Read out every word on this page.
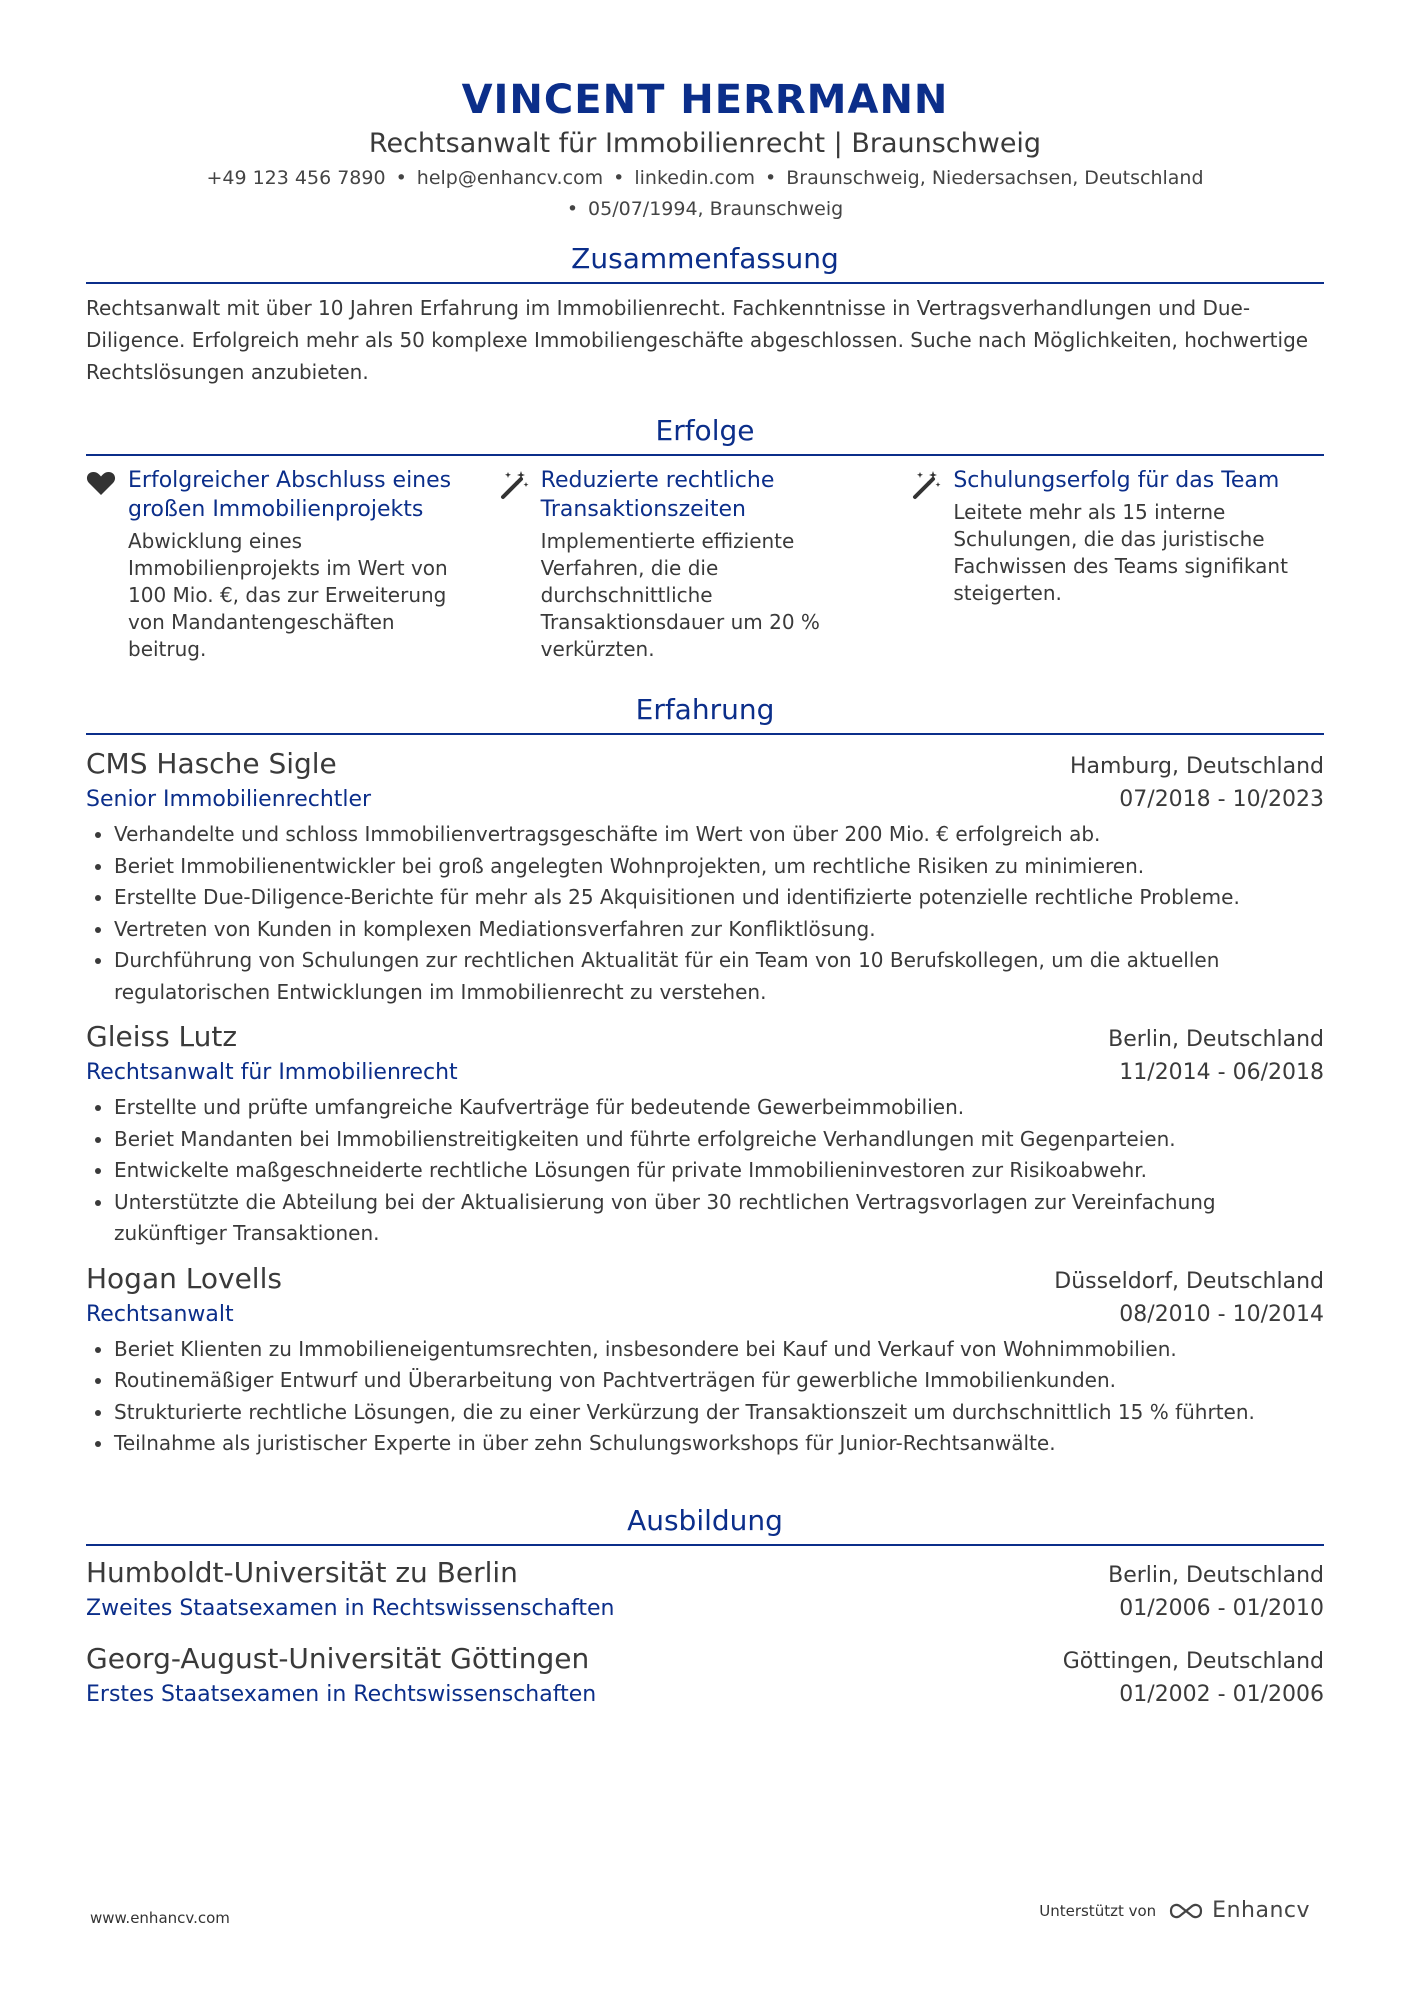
VINCENT HERRMANN
Rechtsanwalt für Immobilienrecht | Braunschweig
+49 123 456 7890 • help@enhancv.com • linkedin.com • Braunschweig, Niedersachsen, Deutschland
• 05/07/1994, Braunschweig
Zusammenfassung
Rechtsanwalt mit über 10 Jahren Erfahrung im Immobilienrecht. Fachkenntnisse in Vertragsverhandlungen und Due-Diligence. Erfolgreich mehr als 50 komplexe Immobiliengeschäfte abgeschlossen. Suche nach Möglichkeiten, hochwertige Rechtslösungen anzubieten.
Erfolge
Erfolgreicher Abschluss eines großen Immobilienprojekts
Abwicklung eines Immobilienprojekts im Wert von 100 Mio. €, das zur Erweiterung von Mandantengeschäften beitrug.
Reduzierte rechtliche Transaktionszeiten
Implementierte effiziente Verfahren, die die durchschnittliche Transaktionsdauer um 20 % verkürzten.
Schulungserfolg für das Team
Leitete mehr als 15 interne Schulungen, die das juristische Fachwissen des Teams signifikant steigerten.
Erfahrung
CMS Hasche Sigle	Hamburg, Deutschland
Senior Immobilienrechtler	07/2018 - 10/2023
• Verhandelte und schloss Immobilienvertragsgeschäfte im Wert von über 200 Mio. € erfolgreich ab.
• Beriet Immobilienentwickler bei groß angelegten Wohnprojekten, um rechtliche Risiken zu minimieren.
• Erstellte Due-Diligence-Berichte für mehr als 25 Akquisitionen und identifizierte potenzielle rechtliche Probleme.
• Vertreten von Kunden in komplexen Mediationsverfahren zur Konfliktlösung.
• Durchführung von Schulungen zur rechtlichen Aktualität für ein Team von 10 Berufskollegen, um die aktuellen regulatorischen Entwicklungen im Immobilienrecht zu verstehen.
Gleiss Lutz	Berlin, Deutschland
Rechtsanwalt für Immobilienrecht	11/2014 - 06/2018
• Erstellte und prüfte umfangreiche Kaufverträge für bedeutende Gewerbeimmobilien.
• Beriet Mandanten bei Immobilienstreitigkeiten und führte erfolgreiche Verhandlungen mit Gegenparteien.
• Entwickelte maßgeschneiderte rechtliche Lösungen für private Immobilieninvestoren zur Risikoabwehr.
• Unterstützte die Abteilung bei der Aktualisierung von über 30 rechtlichen Vertragsvorlagen zur Vereinfachung zukünftiger Transaktionen.
Hogan Lovells	Düsseldorf, Deutschland
Rechtsanwalt	08/2010 - 10/2014
• Beriet Klienten zu Immobilieneigentumsrechten, insbesondere bei Kauf und Verkauf von Wohnimmobilien.
• Routinemäßiger Entwurf und Überarbeitung von Pachtverträgen für gewerbliche Immobilienkunden.
• Strukturierte rechtliche Lösungen, die zu einer Verkürzung der Transaktionszeit um durchschnittlich 15 % führten.
• Teilnahme als juristischer Experte in über zehn Schulungsworkshops für Junior-Rechtsanwälte.
Ausbildung
Humboldt-Universität zu Berlin	Berlin, Deutschland
Zweites Staatsexamen in Rechtswissenschaften	01/2006 - 01/2010
Georg-August-Universität Göttingen	Göttingen, Deutschland
Erstes Staatsexamen in Rechtswissenschaften	01/2002 - 01/2006
www.enhancv.com	Unterstützt von	Enhancv
